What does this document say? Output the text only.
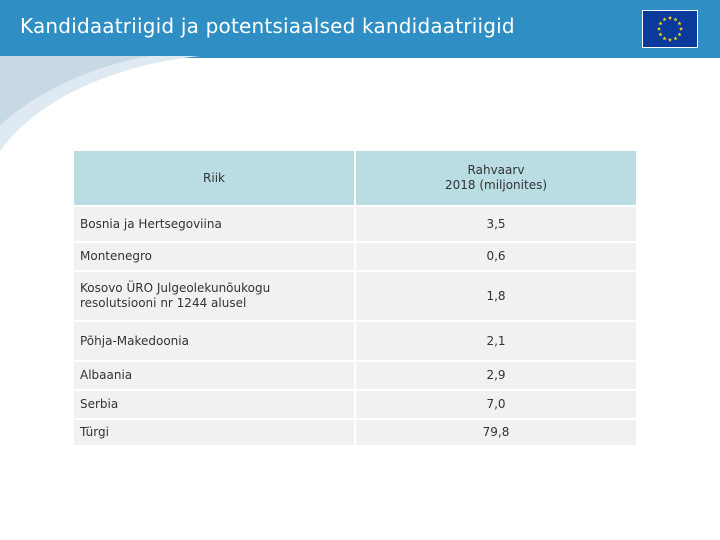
Kandidaatriigid ja potentsiaalsed kandidaatriigid
Riik	Rahvaarv
2018 (miljonites)

Bosnia ja Hertsegoviina	3,5
Montenegro	0,6

Kosovo ÜRO Julgeolekunõukogu
resolutsiooni nr 1244 alusel	1,8
Põhja-Makedoonia	2,1
Albaania	2,9
Serbia	7,0
Türgi	79,8
